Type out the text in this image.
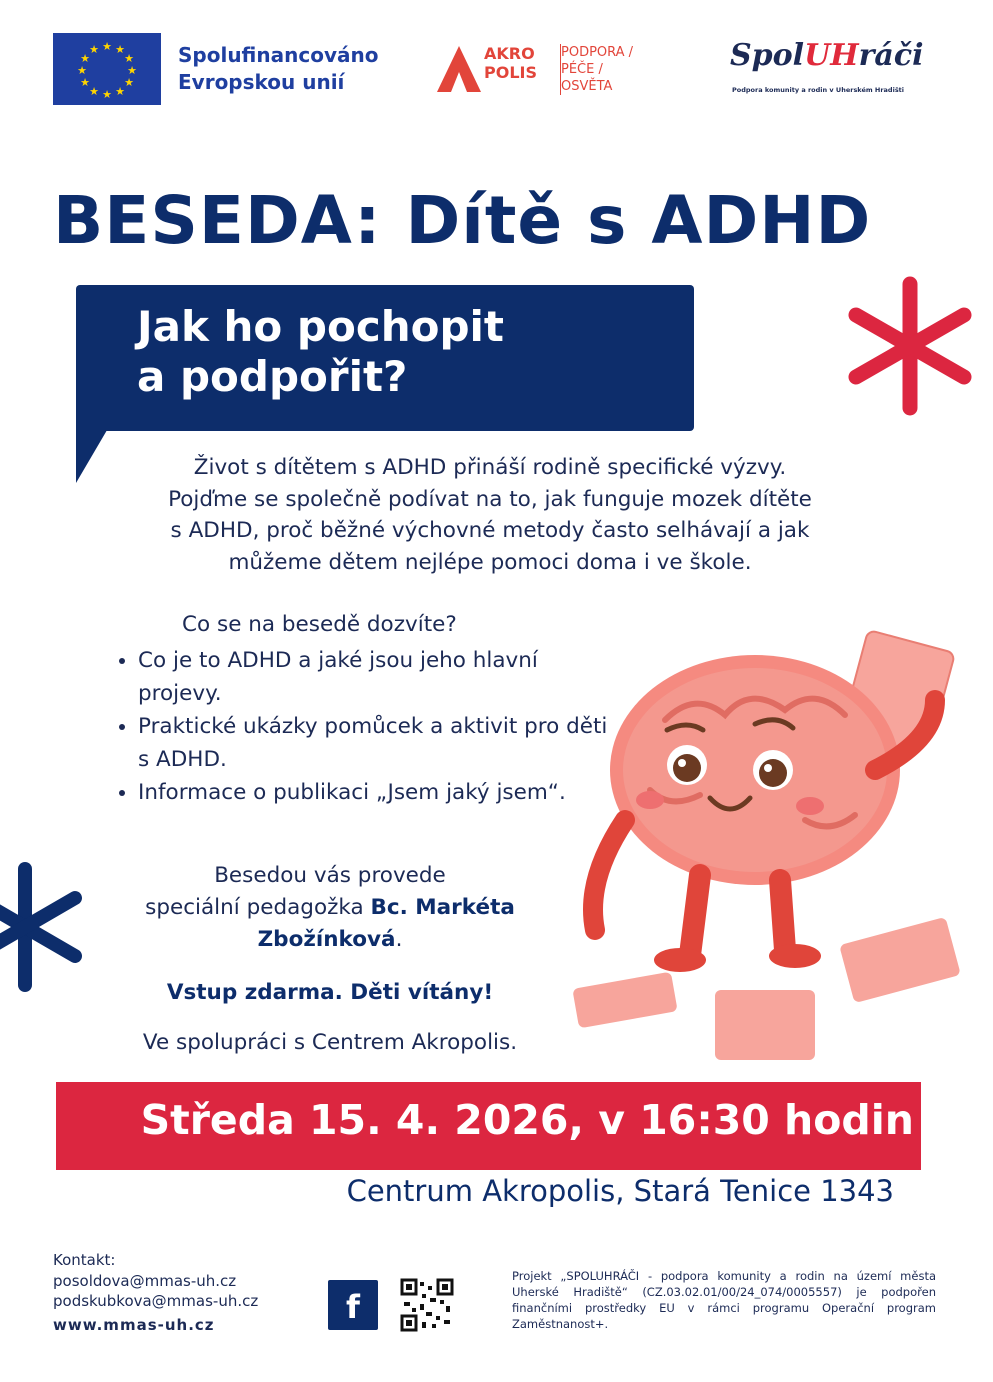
★ ★
★
★
★
★
★
★
★
★
★
★	Spolufinancováno
Evropskou unií
AKRO
POLIS
PODPORA /
PÉČE /
OSVĚTA
SpolUHráči
Podpora komunity a rodin v Uherském Hradišti
BESEDA: Dítě s ADHD
Jak ho pochopit
a podpořit?
Život s dítětem s ADHD přináší rodině specifické výzvy.
Pojďme se společně podívat na to, jak funguje mozek dítěte
s ADHD, proč běžné výchovné metody často selhávají a jak
můžeme dětem nejlépe pomoci doma i ve škole.
Co se na besedě dozvíte?
• Co je to ADHD a jaké jsou jeho hlavní projevy.
• Praktické ukázky pomůcek a aktivit pro děti s ADHD.
• Informace o publikaci „Jsem jaký jsem“.
Besedou vás provede
speciální pedagožka Bc. Markéta
Zbožínková.
Vstup zdarma. Děti vítány!
Ve spolupráci s Centrem Akropolis.
Středa 15. 4. 2026, v 16:30 hodin
Centrum Akropolis, Stará Tenice 1343
Kontakt:
posoldova@mmas-uh.cz
podskubkova@mmas-uh.cz
www.mmas-uh.cz	f
Projekt „SPOLUHRÁČI - podpora komunity a rodin na území města Uherské Hradiště“ (CZ.03.02.01/00/24_074/0005557) je podpořen finančními prostředky EU v rámci programu Operační program Zaměstnanost+.
